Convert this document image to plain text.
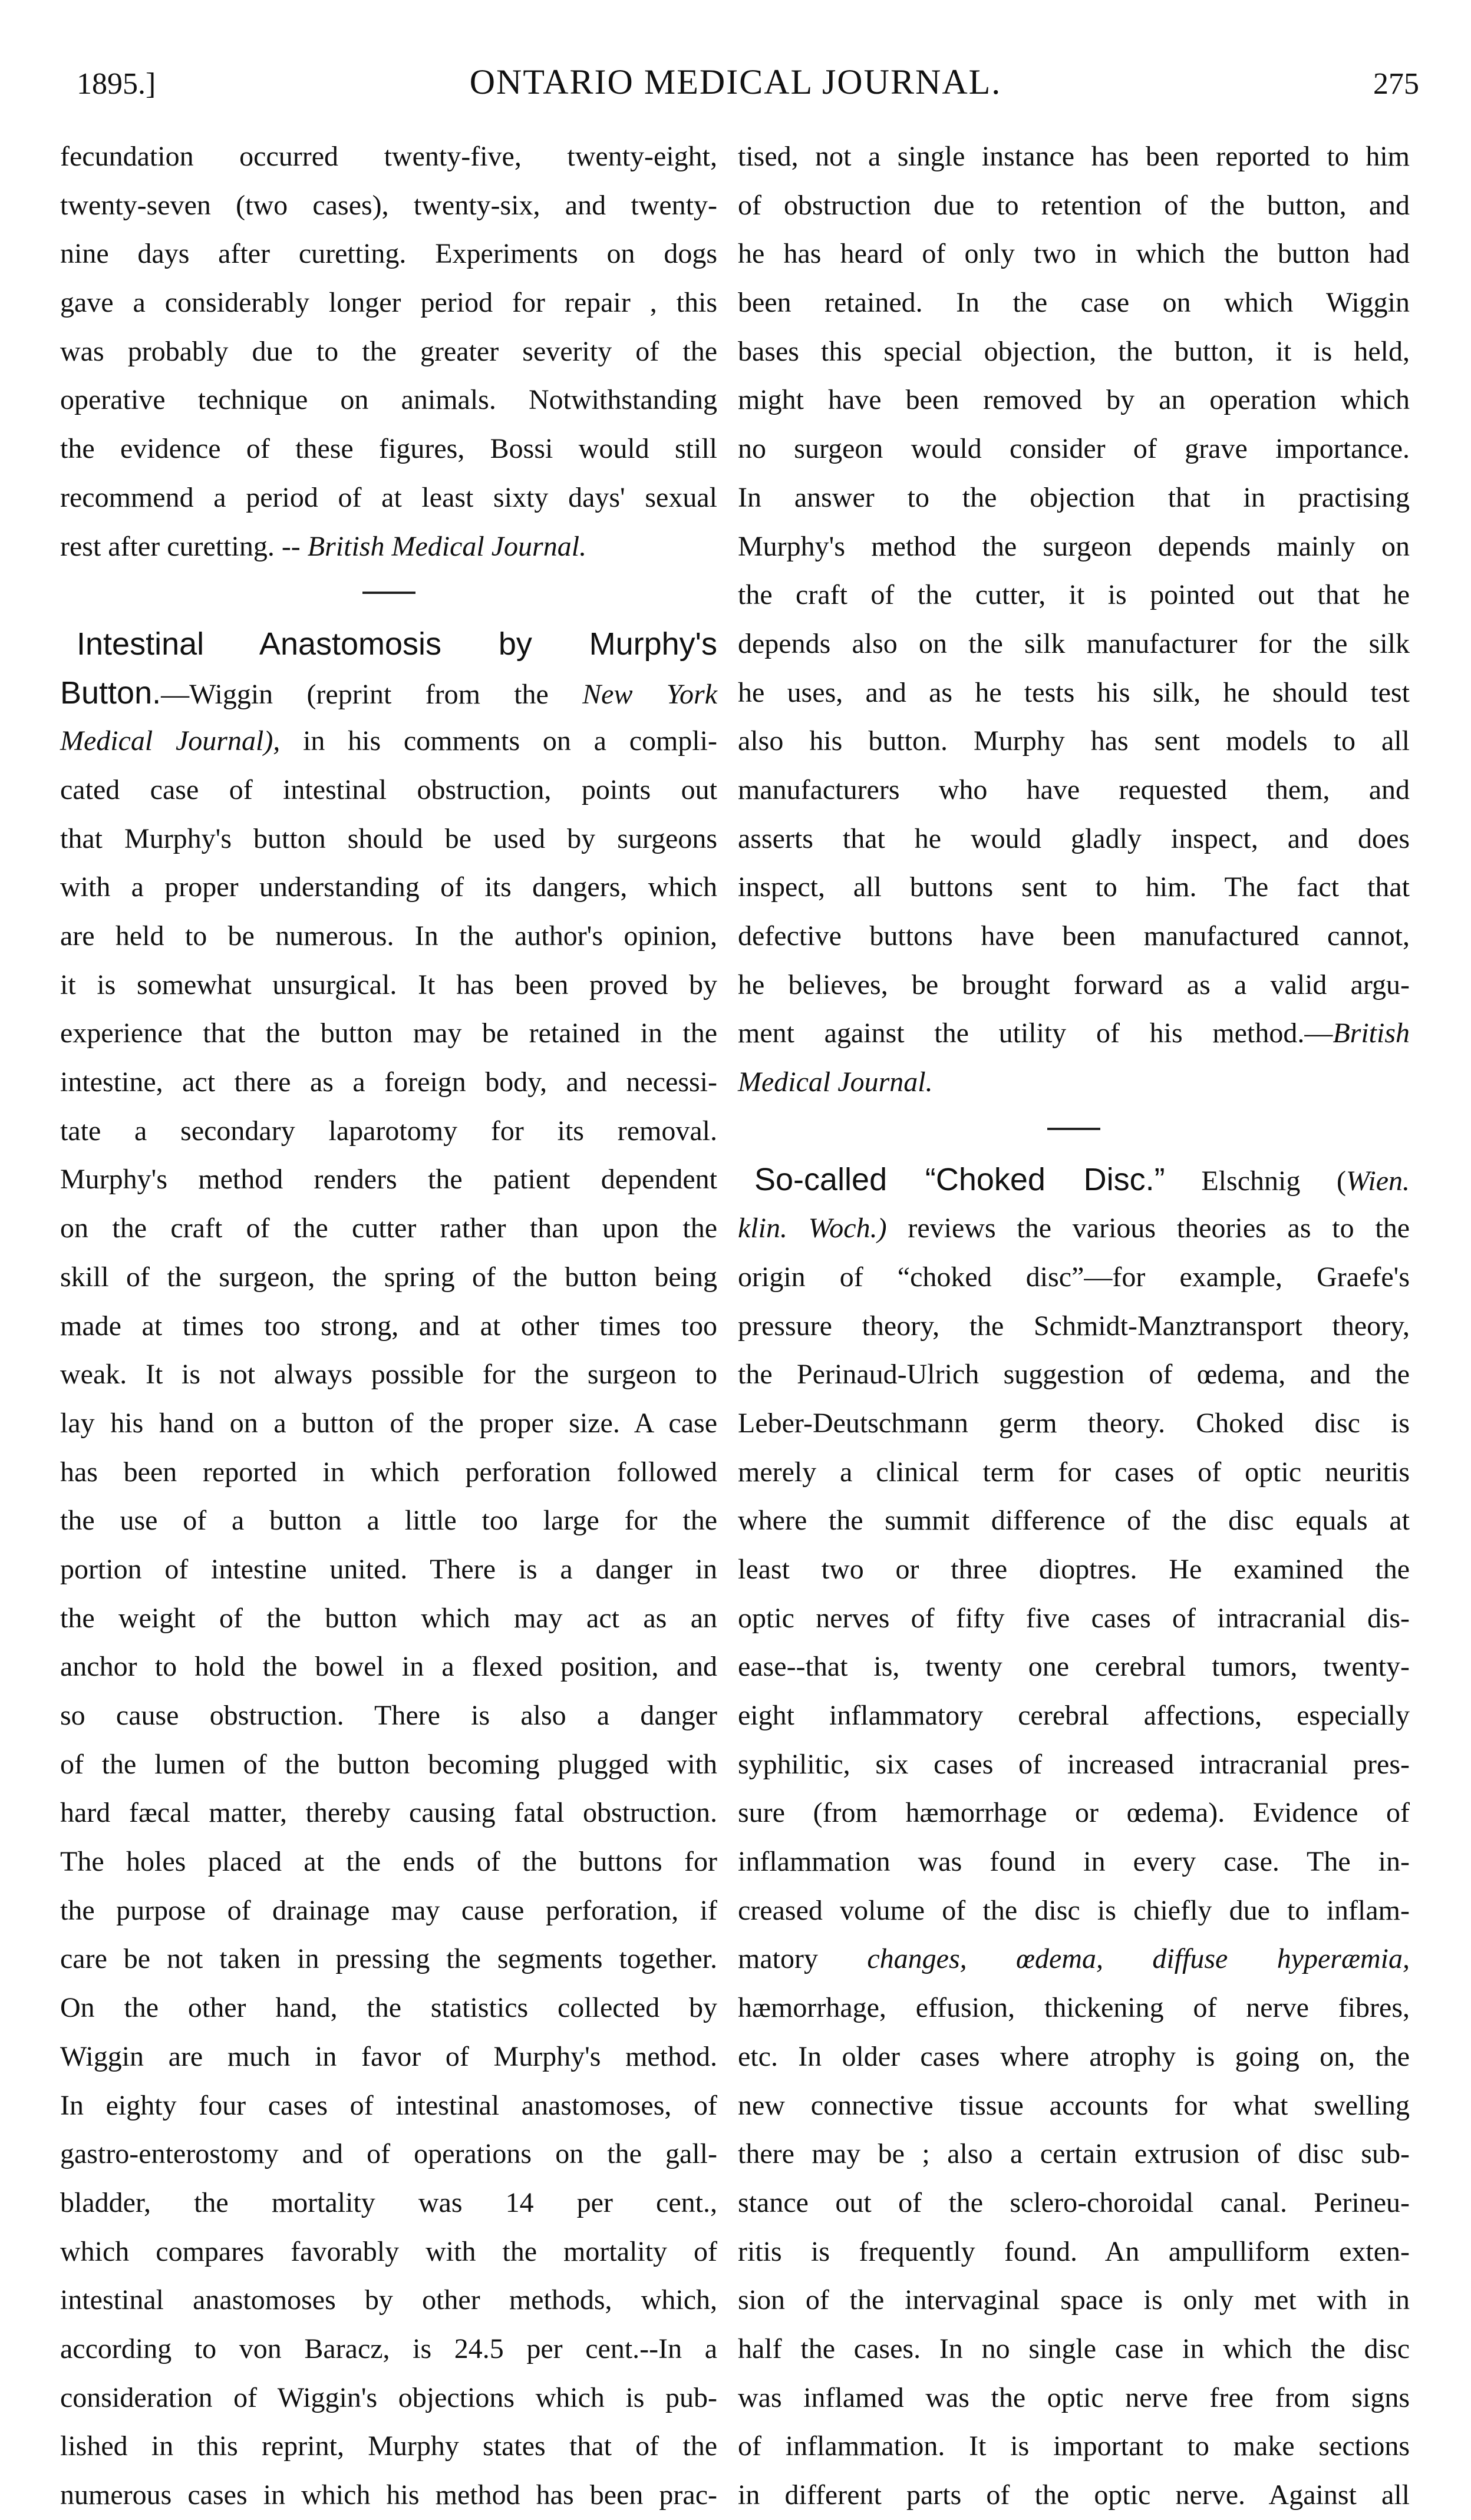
1895.]	ONTARIO MEDICAL JOURNAL.	275
fecundation occurred twenty-five, twenty-eight,
twenty-seven (two cases), twenty-six, and twenty-
nine days after curetting. Experiments on dogs
gave a considerably longer period for repair , this
was probably due to the greater severity of the
operative technique on animals. Notwithstanding
the evidence of these figures, Bossi would still
recommend a period of at least sixty days' sexual
rest after curetting. -- British Medical Journal.
Intestinal Anastomosis by Murphy's
Button.—Wiggin (reprint from the New York
Medical Journal), in his comments on a compli-
cated case of intestinal obstruction, points out
that Murphy's button should be used by surgeons
with a proper understanding of its dangers, which
are held to be numerous. In the author's opinion,
it is somewhat unsurgical. It has been proved by
experience that the button may be retained in the
intestine, act there as a foreign body, and necessi-
tate a secondary laparotomy for its removal.
Murphy's method renders the patient dependent
on the craft of the cutter rather than upon the
skill of the surgeon, the spring of the button being
made at times too strong, and at other times too
weak. It is not always possible for the surgeon to
lay his hand on a button of the proper size. A case
has been reported in which perforation followed
the use of a button a little too large for the
portion of intestine united. There is a danger in
the weight of the button which may act as an
anchor to hold the bowel in a flexed position, and
so cause obstruction. There is also a danger
of the lumen of the button becoming plugged with
hard fæcal matter, thereby causing fatal obstruction.
The holes placed at the ends of the buttons for
the purpose of drainage may cause perforation, if
care be not taken in pressing the segments together.
On the other hand, the statistics collected by
Wiggin are much in favor of Murphy's method.
In eighty four cases of intestinal anastomoses, of
gastro-enterostomy and of operations on the gall-
bladder, the mortality was 14 per cent.,
which compares favorably with the mortality of
intestinal anastomoses by other methods, which,
according to von Baracz, is 24.5 per cent.--In a
consideration of Wiggin's objections which is pub-
lished in this reprint, Murphy states that of the
numerous cases in which his method has been prac-
tised, not a single instance has been reported to him
of obstruction due to retention of the button, and
he has heard of only two in which the button had
been retained. In the case on which Wiggin
bases this special objection, the button, it is held,
might have been removed by an operation which
no surgeon would consider of grave importance.
In answer to the objection that in practising
Murphy's method the surgeon depends mainly on
the craft of the cutter, it is pointed out that he
depends also on the silk manufacturer for the silk
he uses, and as he tests his silk, he should test
also his button. Murphy has sent models to all
manufacturers who have requested them, and
asserts that he would gladly inspect, and does
inspect, all buttons sent to him. The fact that
defective buttons have been manufactured cannot,
he believes, be brought forward as a valid argu-
ment against the utility of his method.—British
Medical Journal.
So-called “Choked Disc.” Elschnig (Wien.
klin. Woch.) reviews the various theories as to the
origin of “choked disc”—for example, Graefe's
pressure theory, the Schmidt-Manztransport theory,
the Perinaud-Ulrich suggestion of œdema, and the
Leber-Deutschmann germ theory. Choked disc is
merely a clinical term for cases of optic neuritis
where the summit difference of the disc equals at
least two or three dioptres. He examined the
optic nerves of fifty five cases of intracranial dis-
ease--that is, twenty one cerebral tumors, twenty-
eight inflammatory cerebral affections, especially
syphilitic, six cases of increased intracranial pres-
sure (from hæmorrhage or œdema). Evidence of
inflammation was found in every case. The in-
creased volume of the disc is chiefly due to inflam-
matory changes, œdema, diffuse hyperæmia,
hæmorrhage, effusion, thickening of nerve fibres,
etc. In older cases where atrophy is going on, the
new connective tissue accounts for what swelling
there may be ; also a certain extrusion of disc sub-
stance out of the sclero-choroidal canal. Perineu-
ritis is frequently found. An ampulliform exten-
sion of the intervaginal space is only met with in
half the cases. In no single case in which the disc
was inflamed was the optic nerve free from signs
of inflammation. It is important to make sections
in different parts of the optic nerve. Against all
